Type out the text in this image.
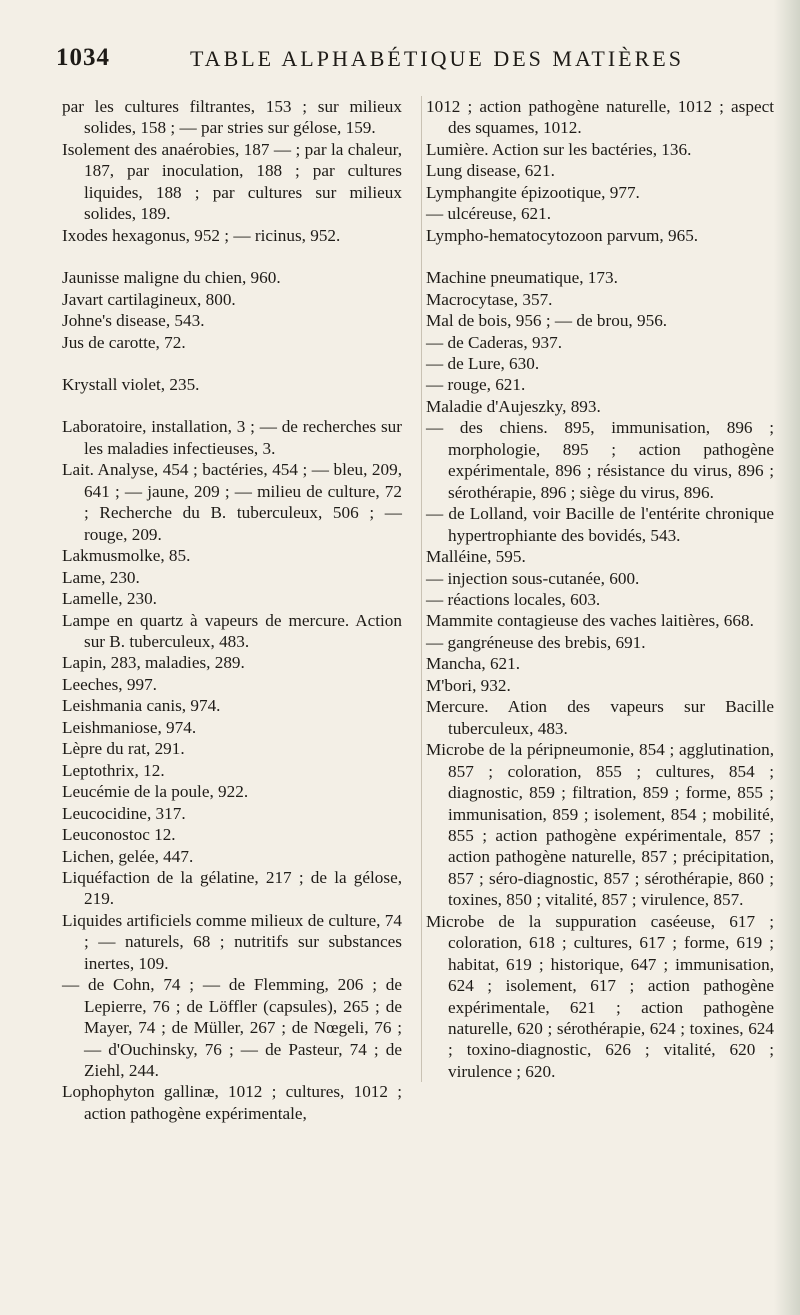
1034	TABLE ALPHABÉTIQUE DES MATIÈRES

par les cultures filtrantes, 153 ; sur milieux solides, 158 ; — par stries sur gélose, 159.

Isolement des anaérobies, 187 — ; par la chaleur, 187, par inoculation, 188 ; par cultures liquides, 188 ; par cultures sur milieux solides, 189.

Ixodes hexagonus, 952 ; — ricinus, 952.

Jaunisse maligne du chien, 960.

Javart cartilagineux, 800.

Johne's disease, 543.

Jus de carotte, 72.

Krystall violet, 235.

Laboratoire, installation, 3 ; — de recherches sur les maladies infectieuses, 3.

Lait. Analyse, 454 ; bactéries, 454 ; — bleu, 209, 641 ; — jaune, 209 ; — milieu de culture, 72 ; Recherche du B. tuberculeux, 506 ; — rouge, 209.

Lakmusmolke, 85.

Lame, 230.

Lamelle, 230.

Lampe en quartz à vapeurs de mercure. Action sur B. tuberculeux, 483.

Lapin, 283, maladies, 289.

Leeches, 997.

Leishmania canis, 974.

Leishmaniose, 974.

Lèpre du rat, 291.

Leptothrix, 12.

Leucémie de la poule, 922.

Leucocidine, 317.

Leuconostoc 12.

Lichen, gelée, 447.

Liquéfaction de la gélatine, 217 ; de la gélose, 219.

Liquides artificiels comme milieux de culture, 74 ; — naturels, 68 ; nutritifs sur substances inertes, 109.

— de Cohn, 74 ; — de Flemming, 206 ; de Lepierre, 76 ; de Löffler (capsules), 265 ; de Mayer, 74 ; de Müller, 267 ; de Nœgeli, 76 ; — d'Ouchinsky, 76 ; — de Pasteur, 74 ; de Ziehl, 244.

Lophophyton gallinæ, 1012 ; cultures, 1012 ; action pathogène expérimentale,

1012 ; action pathogène naturelle, 1012 ; aspect des squames, 1012.

Lumière. Action sur les bactéries, 136.

Lung disease, 621.

Lymphangite épizootique, 977.

— ulcéreuse, 621.

Lympho-hematocytozoon parvum, 965.

Machine pneumatique, 173.

Macrocytase, 357.

Mal de bois, 956 ; — de brou, 956.

— de Caderas, 937.

— de Lure, 630.

— rouge, 621.

Maladie d'Aujeszky, 893.

— des chiens. 895, immunisation, 896 ; morphologie, 895 ; action pathogène expérimentale, 896 ; résistance du virus, 896 ; sérothérapie, 896 ; siège du virus, 896.

— de Lolland, voir Bacille de l'entérite chronique hypertrophiante des bovidés, 543.

Malléine, 595.

— injection sous-cutanée, 600.

— réactions locales, 603.

Mammite contagieuse des vaches laitières, 668.

— gangréneuse des brebis, 691.

Mancha, 621.

M'bori, 932.

Mercure. Ation des vapeurs sur Bacille tuberculeux, 483.

Microbe de la péripneumonie, 854 ; agglutination, 857 ; coloration, 855 ; cultures, 854 ; diagnostic, 859 ; filtration, 859 ; forme, 855 ; immunisation, 859 ; isolement, 854 ; mobilité, 855 ; action pathogène expérimentale, 857 ; action pathogène naturelle, 857 ; précipitation, 857 ; séro-diagnostic, 857 ; sérothérapie, 860 ; toxines, 850 ; vitalité, 857 ; virulence, 857.

Microbe de la suppuration caséeuse, 617 ; coloration, 618 ; cultures, 617 ; forme, 619 ; habitat, 619 ; historique, 647 ; immunisation, 624 ; isolement, 617 ; action pathogène expérimentale, 621 ; action pathogène naturelle, 620 ; sérothérapie, 624 ; toxines, 624 ; toxino-diagnostic, 626 ; vitalité, 620 ; virulence ; 620.
